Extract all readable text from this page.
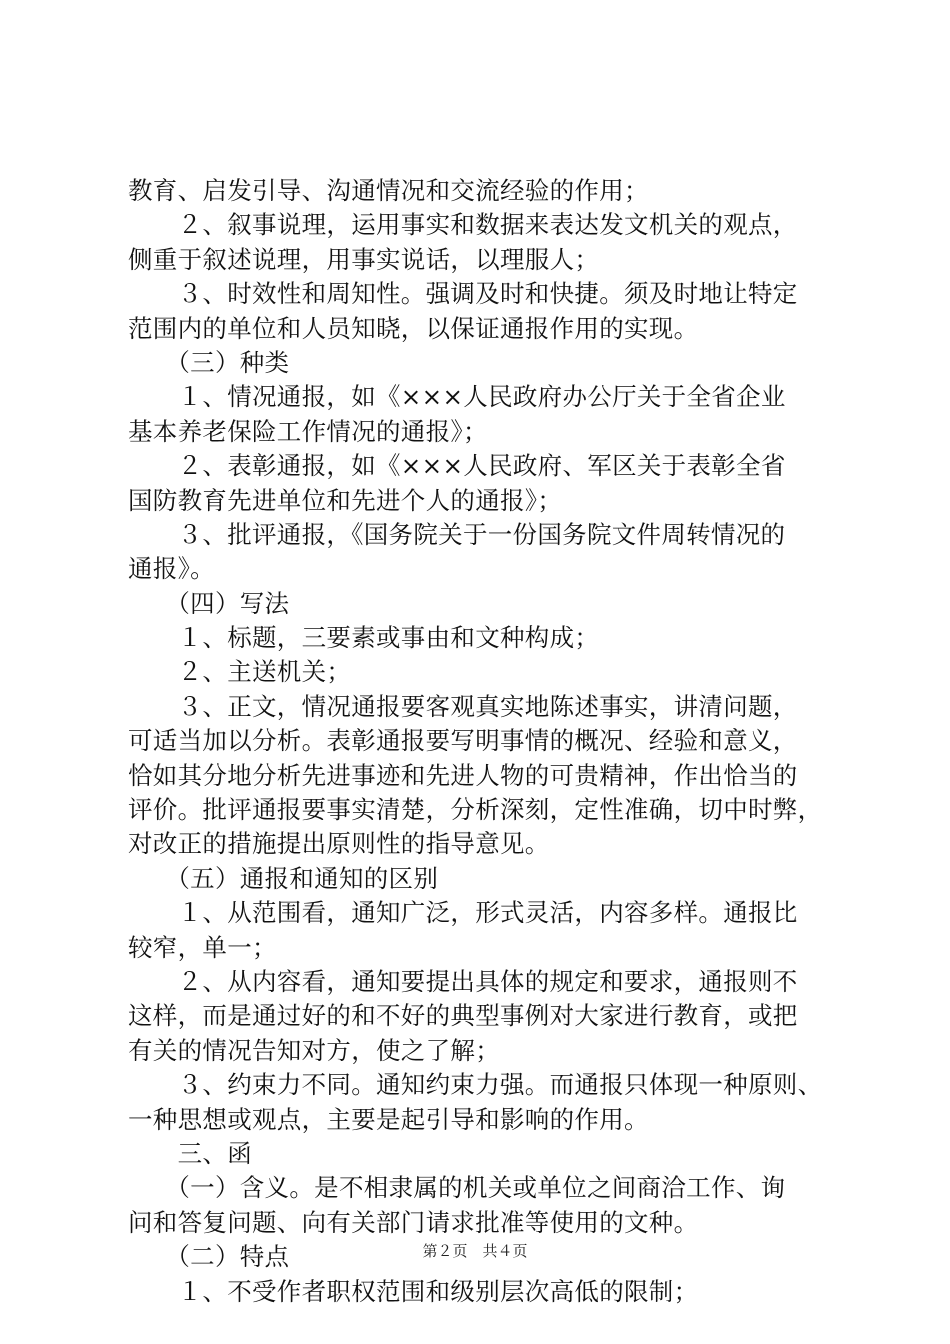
教育、启发引导、沟通情况和交流经验的作用；
　　２、叙事说理，运用事实和数据来表达发文机关的观点，
侧重于叙述说理，用事实说话，以理服人；
　　３、时效性和周知性。强调及时和快捷。须及时地让特定
范围内的单位和人员知晓，以保证通报作用的实现。
　　（三）种类
　　１、情况通报，如《×××人民政府办公厅关于全省企业
基本养老保险工作情况的通报》；
　　２、表彰通报，如《×××人民政府、军区关于表彰全省
国防教育先进单位和先进个人的通报》；
　　３、批评通报，《国务院关于一份国务院文件周转情况的
通报》。
　　（四）写法
　　１、标题，三要素或事由和文种构成；
　　２、主送机关；
　　３、正文，情况通报要客观真实地陈述事实，讲清问题，
可适当加以分析。表彰通报要写明事情的概况、经验和意义，
恰如其分地分析先进事迹和先进人物的可贵精神，作出恰当的
评价。批评通报要事实清楚，分析深刻，定性准确，切中时弊，
对改正的措施提出原则性的指导意见。
　　（五）通报和通知的区别
　　１、从范围看，通知广泛，形式灵活，内容多样。通报比
较窄，单一；
　　２、从内容看，通知要提出具体的规定和要求，通报则不
这样，而是通过好的和不好的典型事例对大家进行教育，或把
有关的情况告知对方，使之了解；
　　３、约束力不同。通知约束力强。而通报只体现一种原则、
一种思想或观点，主要是起引导和影响的作用。
　　三、函
　　（一）含义。是不相隶属的机关或单位之间商洽工作、询
问和答复问题、向有关部门请求批准等使用的文种。
　　（二）特点
　　１、不受作者职权范围和级别层次高低的限制；
第２页　共４页
